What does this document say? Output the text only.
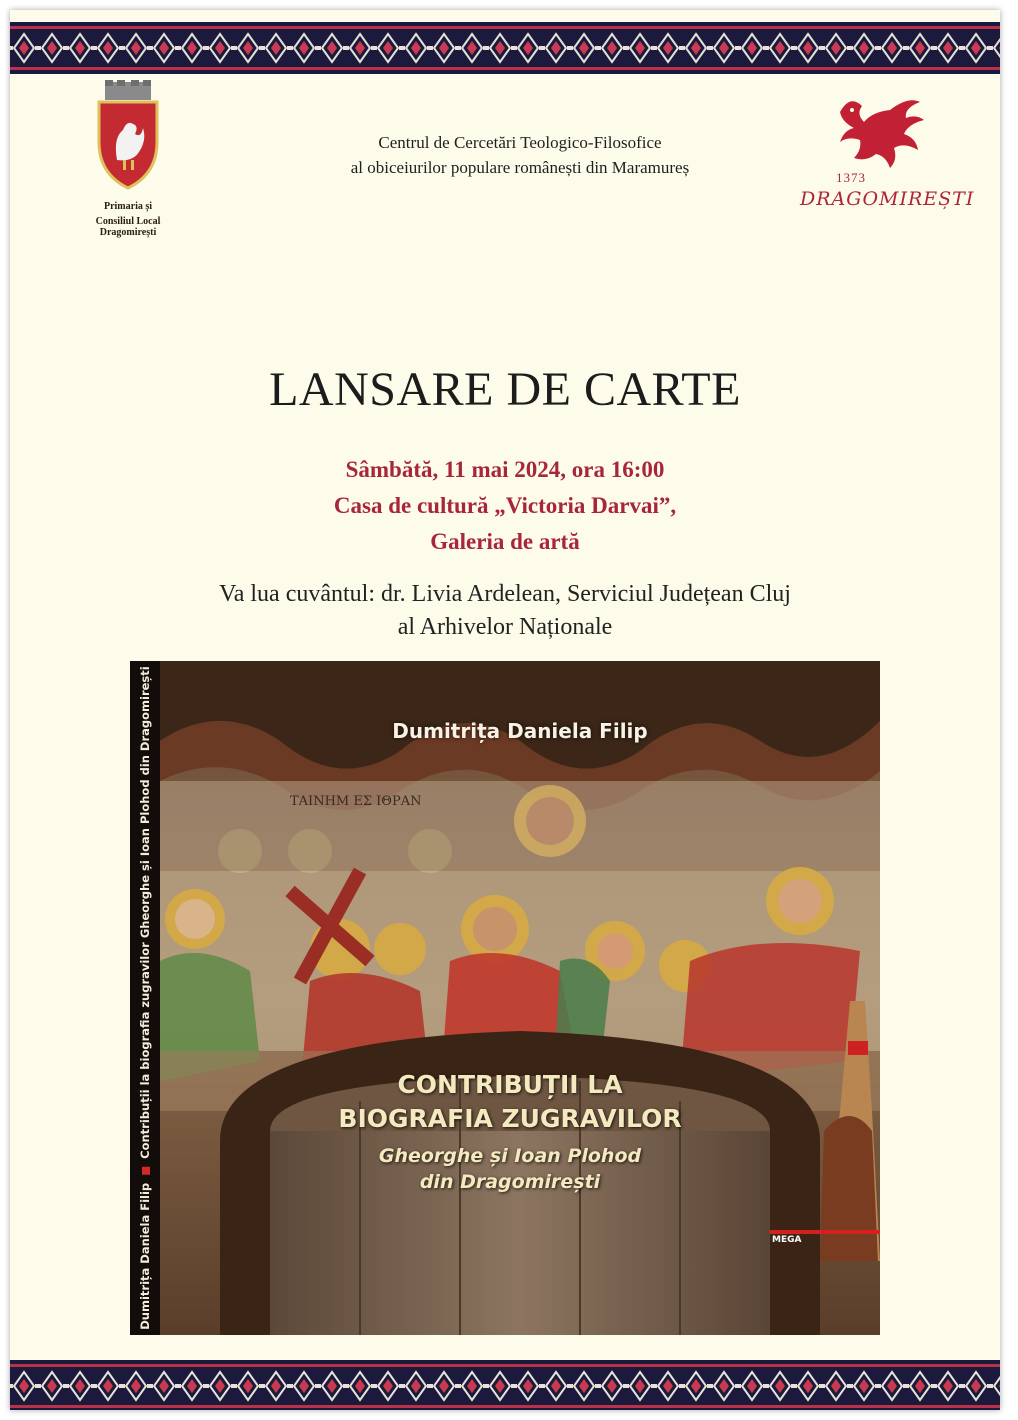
Primaria și
Consiliul Local Dragomirești
Centrul de Cercetări Teologico-Filosofice
al obiceiurilor populare românești din Maramureș
1373
DRAGOMIREȘTI
LANSARE DE CARTE
Sâmbătă, 11 mai 2024, ora 16:00
Casa de cultură „Victoria Darvai”,
Galeria de artă
Va lua cuvântul: dr. Livia Ardelean, Serviciul Județean Cluj
al Arhivelor Naționale
Dumitrița Daniela FilipContribuții la biografia zugravilor Gheorghe și Ioan Plohod din Dragomirești	ΤΑΙΝΗΜ ΕΣ ΙΘΡΑΝ
Dumitrița Daniela Filip
CONTRIBUȚII LA
BIOGRAFIA ZUGRAVILOR
Gheorghe și Ioan Plohod
din Dragomirești
MEGA
